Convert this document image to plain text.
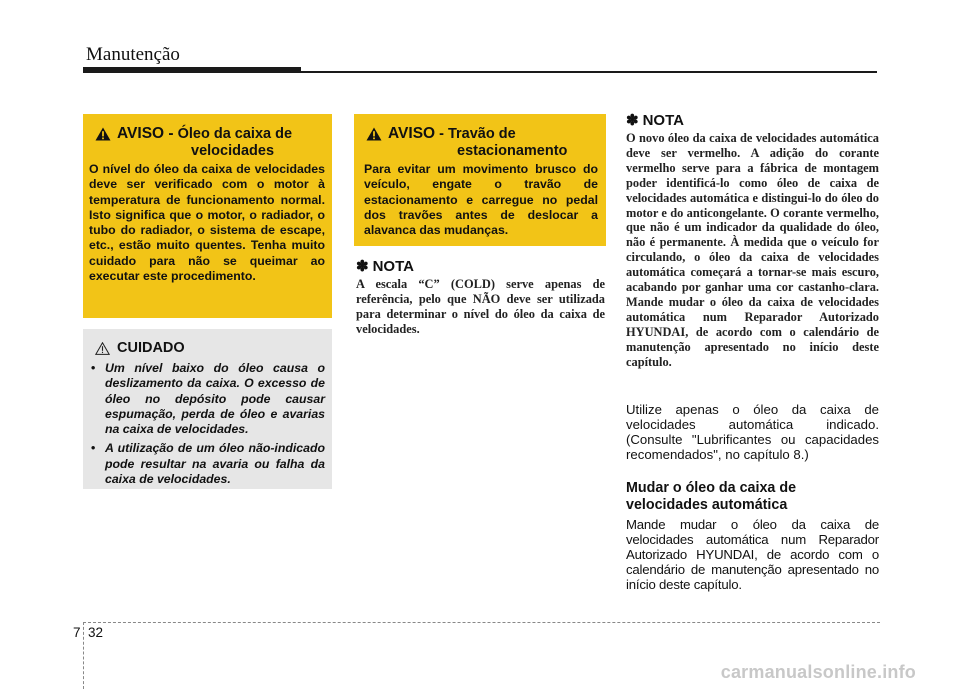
Manutenção
AVISO - Óleo da caixa de
velocidades
O nível do óleo da caixa de velocidades deve ser verificado com o motor à temperatura de funcionamento normal. Isto significa que o motor, o radiador, o tubo do radiador, o sistema de escape, etc., estão muito quentes. Tenha muito cuidado para não se queimar ao executar este procedimento.
CUIDADO
• Um nível baixo do óleo causa o deslizamento da caixa. O excesso de óleo no depósito pode causar espumação, perda de óleo e avarias na caixa de velocidades.
• A utilização de um óleo não-indicado pode resultar na avaria ou falha da caixa de velocidades.
AVISO - Travão de
estacionamento
Para evitar um movimento brusco do veículo, engate o travão de estacionamento e carregue no pedal dos travões antes de deslocar a alavanca das mudanças.
✽ NOTA
A escala “C” (COLD) serve apenas de referência, pelo que NÃO deve ser utilizada para determinar o nível do óleo da caixa de velocidades.
✽ NOTA
O novo óleo da caixa de velocidades automática deve ser vermelho. A adição do corante vermelho serve para a fábrica de montagem poder identificá-lo como óleo de caixa de velocidades automática e distingui-lo do óleo do motor e do anticongelante. O corante vermelho, que não é um indicador da qualidade do óleo, não é permanente. À medida que o veículo for circulando, o óleo da caixa de velocidades automática começará a tornar-se mais escuro, acabando por ganhar uma cor castanho-clara. Mande mudar o óleo da caixa de velocidades automática num Reparador Autorizado HYUNDAI, de acordo com o calendário de manutenção apresentado no início deste capítulo.
Utilize apenas o óleo da caixa de velocidades automática indicado. (Consulte "Lubrificantes ou capacidades recomendados", no capítulo 8.)
Mudar o óleo da caixa de
velocidades automática
Mande mudar o óleo da caixa de velocidades automática num Reparador Autorizado HYUNDAI, de acordo com o calendário de manutenção apresentado no início deste capítulo.
7 32
carmanualsonline.info
